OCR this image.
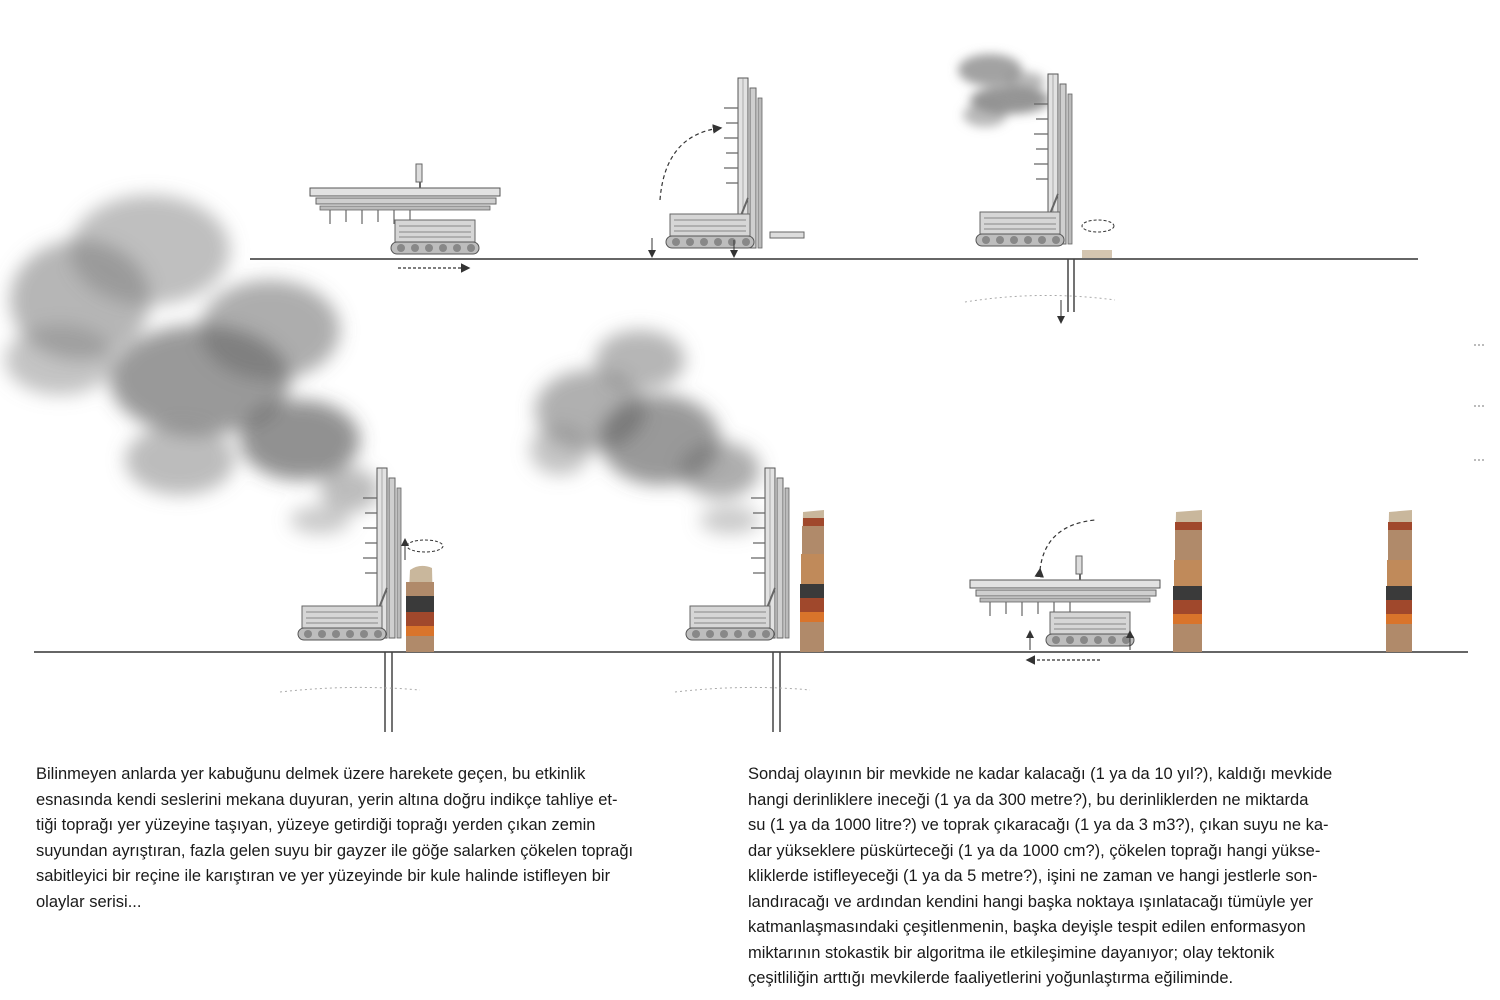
Bilinmeyen anlarda yer kabuğunu delmek üzere harekete geçen, bu etkinlik
esnasında kendi seslerini mekana duyuran, yerin altına doğru indikçe tahliye et-
tiği toprağı yer yüzeyine taşıyan, yüzeye getirdiği toprağı yerden çıkan zemin
suyundan ayrıştıran, fazla gelen suyu bir gayzer ile göğe salarken çökelen toprağı
sabitleyici bir reçine ile karıştıran ve yer yüzeyinde bir kule halinde istifleyen bir
olaylar serisi...

Sondaj olayının bir mevkide ne kadar kalacağı (1 ya da 10 yıl?), kaldığı mevkide
hangi derinliklere ineceği (1 ya da 300 metre?), bu derinliklerden ne miktarda
su (1 ya da 1000 litre?) ve toprak çıkaracağı (1 ya da 3 m3?), çıkan suyu ne ka-
dar yükseklere püskürteceği (1 ya da 1000 cm?), çökelen toprağı hangi yükse-
kliklerde istifleyeceği (1 ya da 5 metre?), işini ne zaman ve hangi jestlerle son-
landıracağı ve ardından kendini hangi başka noktaya ışınlatacağı tümüyle yer
katmanlaşmasındaki çeşitlenmenin, başka deyişle tespit edilen enformasyon
miktarının stokastik bir algoritma ile etkileşimine dayanıyor; olay tektonik
çeşitliliğin arttığı mevkilerde faaliyetlerini yoğunlaştırma eğiliminde.
